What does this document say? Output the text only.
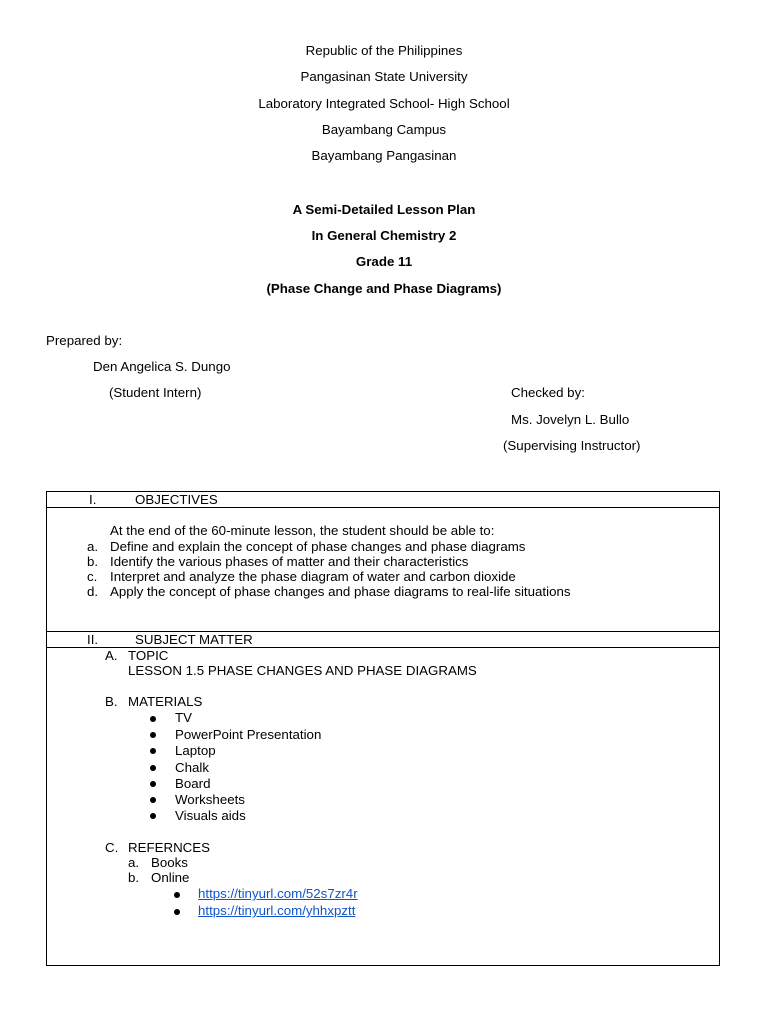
Republic of the Philippines
Pangasinan State University
Laboratory Integrated School- High School
Bayambang Campus
Bayambang Pangasinan
A Semi-Detailed Lesson Plan
In General Chemistry 2
Grade 11
(Phase Change and Phase Diagrams)
Prepared by:
Den Angelica S. Dungo
(Student Intern)	Checked by:
Ms. Jovelyn L. Bullo
(Supervising Instructor)
I.	OBJECTIVES
At the end of the 60-minute lesson, the student should be able to:
a. Define and explain the concept of phase changes and phase diagrams
b. Identify the various phases of matter and their characteristics
c. Interpret and analyze the phase diagram of water and carbon dioxide
d. Apply the concept of phase changes and phase diagrams to real-life situations
II.	SUBJECT MATTER
A. TOPIC
LESSON 1.5 PHASE CHANGES AND PHASE DIAGRAMS
B. MATERIALS
TV
PowerPoint Presentation
Laptop
Chalk
Board
Worksheets
Visuals aids
C. REFERNCES
a. Books
b. Online
https://tinyurl.com/52s7zr4r
https://tinyurl.com/yhhxpztt
